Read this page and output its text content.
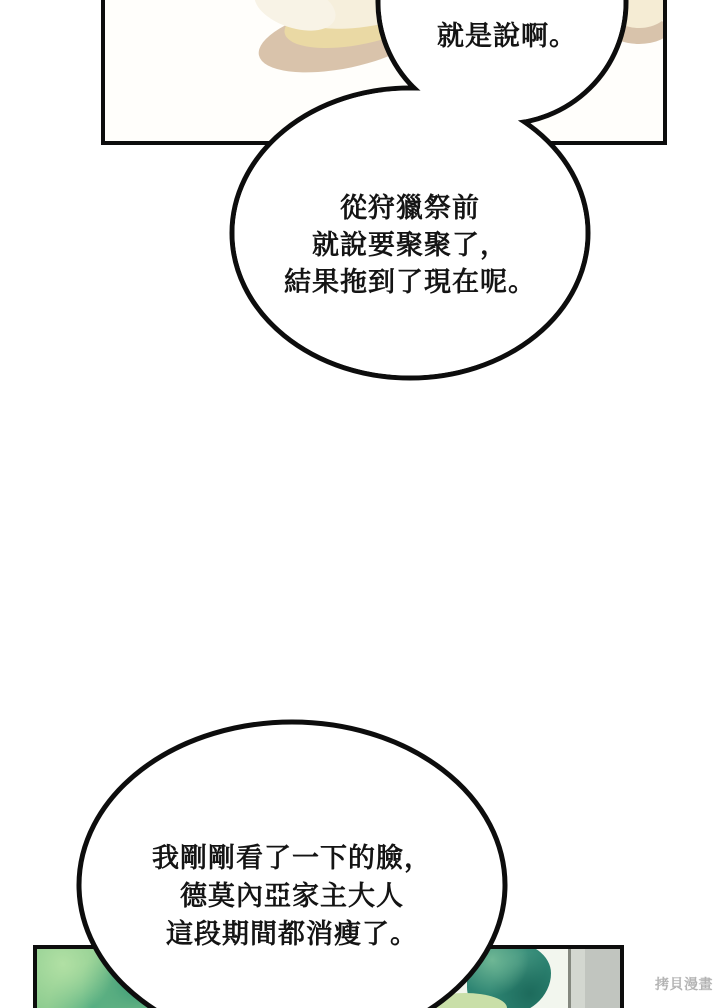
就是說啊。
從狩獵祭前
就說要聚聚了，
結果拖到了現在呢。
我剛剛看了一下的臉，
德莫內亞家主大人
這段期間都消瘦了。
拷貝漫畫
